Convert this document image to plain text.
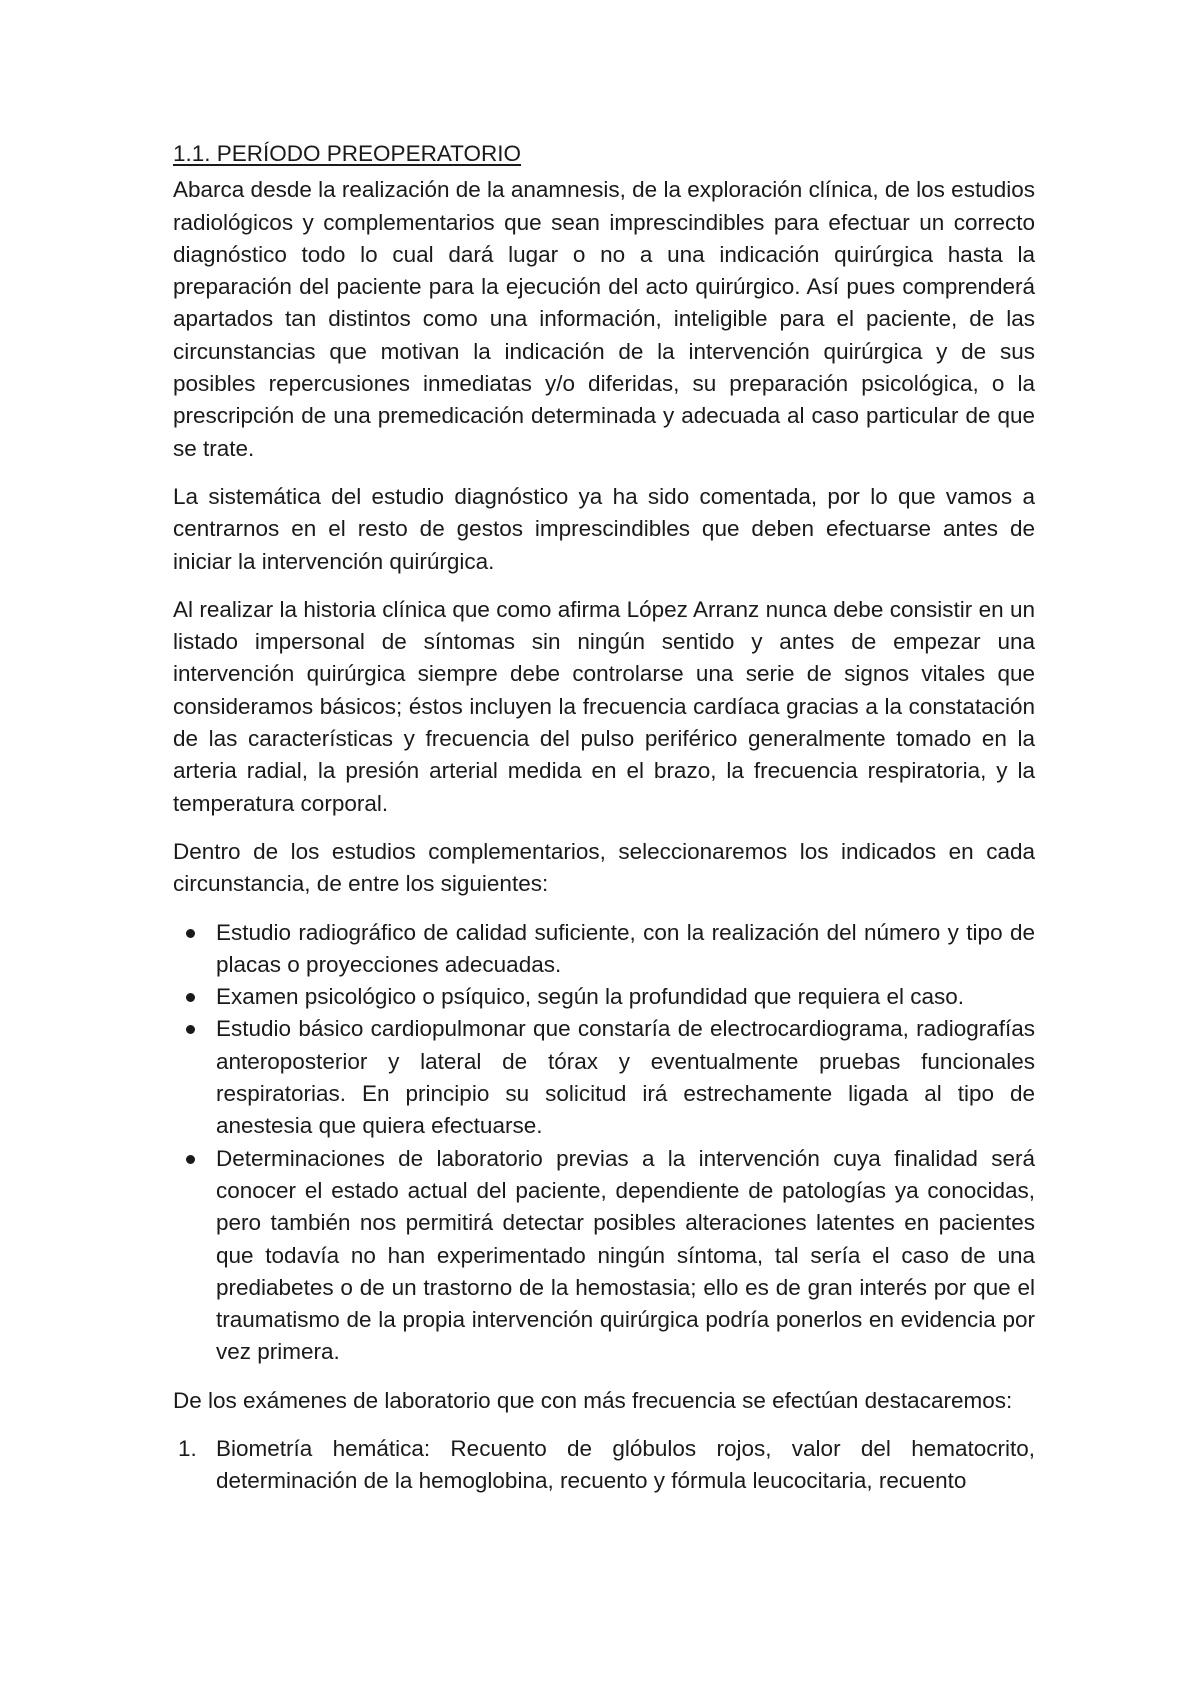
1.1. PERÍODO PREOPERATORIO

Abarca desde la realización de la anamnesis, de la exploración clínica, de los estudios radiológicos y complementarios que sean imprescindibles para efectuar un correcto diagnóstico todo lo cual dará lugar o no a una indicación quirúrgica hasta la preparación del paciente para la ejecución del acto quirúrgico. Así pues comprenderá apartados tan distintos como una información, inteligible para el paciente, de las circunstancias que motivan la indicación de la intervención quirúrgica y de sus posibles repercusiones inmediatas y/o diferidas, su preparación psicológica, o la prescripción de una premedicación determinada y adecuada al caso particular de que se trate.

La sistemática del estudio diagnóstico ya ha sido comentada, por lo que vamos a centrarnos en el resto de gestos imprescindibles que deben efectuarse antes de iniciar la intervención quirúrgica.

Al realizar la historia clínica que como afirma López Arranz nunca debe consistir en un listado impersonal de síntomas sin ningún sentido y antes de empezar una intervención quirúrgica siempre debe controlarse una serie de signos vitales que consideramos básicos; éstos incluyen la frecuencia cardíaca gracias a la constatación de las características y frecuencia del pulso periférico generalmente tomado en la arteria radial, la presión arterial medida en el brazo, la frecuencia respiratoria, y la temperatura corporal.

Dentro de los estudios complementarios, seleccionaremos los indicados en cada circunstancia, de entre los siguientes:

Estudio radiográfico de calidad suficiente, con la realización del número y tipo de placas o proyecciones adecuadas.
Examen psicológico o psíquico, según la profundidad que requiera el caso.
Estudio básico cardiopulmonar que constaría de electrocardiograma, radiografías anteroposterior y lateral de tórax y eventualmente pruebas funcionales respiratorias. En principio su solicitud irá estrechamente ligada al tipo de anestesia que quiera efectuarse.
Determinaciones de laboratorio previas a la intervención cuya finalidad será conocer el estado actual del paciente, dependiente de patologías ya conocidas, pero también nos permitirá detectar posibles alteraciones latentes en pacientes que todavía no han experimentado ningún síntoma, tal sería el caso de una prediabetes o de un trastorno de la hemostasia; ello es de gran interés por que el traumatismo de la propia intervención quirúrgica podría ponerlos en evidencia por vez primera.

De los exámenes de laboratorio que con más frecuencia se efectúan destacaremos:

1. Biometría hemática: Recuento de glóbulos rojos, valor del hematocrito, determinación de la hemoglobina, recuento y fórmula leucocitaria, recuento
